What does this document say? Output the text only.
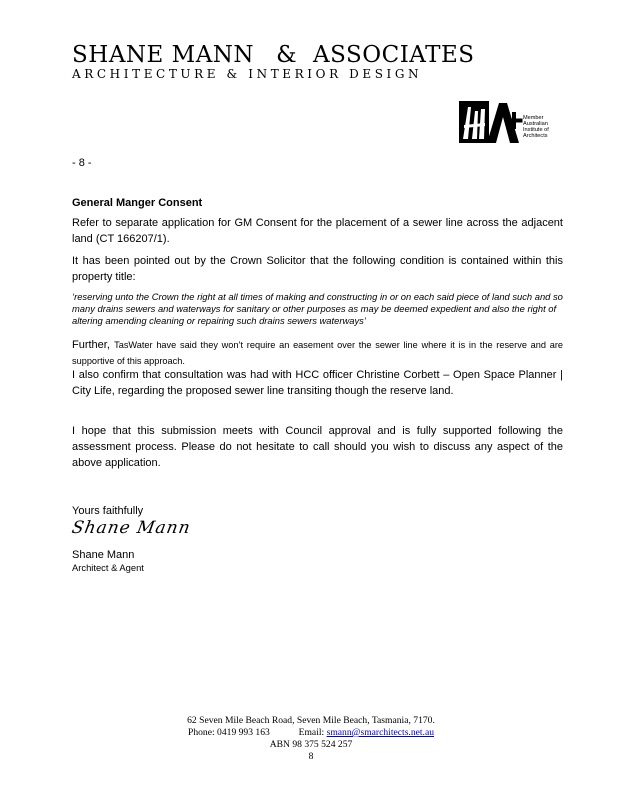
SHANE MANN & ASSOCIATES
ARCHITECTURE & INTERIOR DESIGN
Member
Australian
Institute of
Architects
- 8 -
General Manger Consent
Refer to separate application for GM Consent for the placement of a sewer line across the adjacent land (CT 166207/1).
It has been pointed out by the Crown Solicitor that the following condition is contained within this property title:
‘reserving unto the Crown the right at all times of making and constructing in or on each said piece of land such and so many drains sewers and waterways for sanitary or other purposes as may be deemed expedient and also the right of altering amending cleaning or repairing such drains sewers waterways’
Further, TasWater have said they won’t require an easement over the sewer line where it is in the reserve and are supportive of this approach.
I also confirm that consultation was had with HCC officer Christine Corbett – Open Space Planner | City Life, regarding the proposed sewer line transiting though the reserve land.
I hope that this submission meets with Council approval and is fully supported following the assessment process. Please do not hesitate to call should you wish to discuss any aspect of the above application.
Yours faithfully
Shane Mann
Shane Mann
Architect & Agent
62 Seven Mile Beach Road, Seven Mile Beach, Tasmania, 7170.
Phone: 0419 993 163	Email: smann@smarchitects.net.au
ABN 98 375 524 257
8
